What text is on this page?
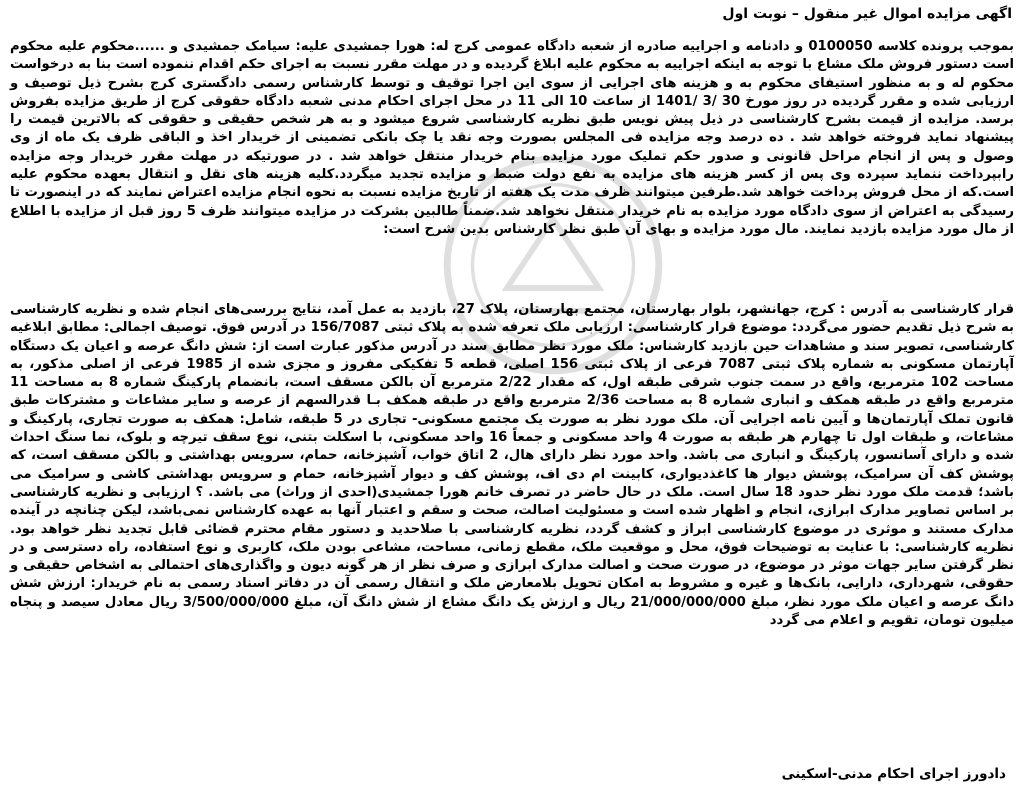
اگهی مزایده اموال غیر منقول – نوبت اول

بموجب پرونده کلاسه 0100050 و دادنامه و اجراییه صادره از شعبه دادگاه عمومی کرج له: هورا جمشیدی علیه: سیامک جمشیدی و ......محکوم علیه محکوم است دستور فروش ملک مشاع با توجه به اینکه اجراییه به محکوم علیه ابلاغ گردیده و در مهلت مقرر نسبت به اجرای حکم اقدام ننموده است بنا به درخواست محکوم له و به منظور استیفای محکوم به و هزینه های اجرایی از سوی این اجرا توقیف و توسط کارشناس رسمی دادگستری کرج بشرح ذیل توصیف و ارزیابی شده و مقرر گردیده در روز مورخ 30 /3 /1401 از ساعت 10 الی 11 در محل اجرای احکام مدنی شعبه دادگاه حقوقی کرج از طریق مزایده بفروش برسد. مزایده از قیمت بشرح کارشناسی در ذیل پیش نویس طبق نظریه کارشناسی شروع میشود و به هر شخص حقیقی و حقوقی که بالاترین قیمت را پیشنهاد نماید فروخته خواهد شد . ده درصد وجه مزایده فی المجلس بصورت وجه نقد یا چک بانکی تضمینی از خریدار اخذ و الباقی ظرف یک ماه از وی وصول و پس از انجام مراحل قانونی و صدور حکم تملیک مورد مزایده بنام خریدار منتقل خواهد شد . در صورتیکه در مهلت مقرر خریدار وجه مزایده رابپرداخت ننماید سپرده وی پس از کسر هزینه های مزایده به نفع دولت ضبط و مزایده تجدید میگردد.کلیه هزینه های نقل و انتقال بعهده محکوم علیه است.که از محل فروش پرداخت خواهد شد.طرفین میتوانند ظرف مدت یک هفته از تاریخ مزایده نسبت به نحوه انجام مزایده اعتراض نمایند که در اینصورت تا رسیدگی به اعتراض از سوی دادگاه مورد مزایده به نام خریدار منتقل نخواهد شد.ضمناً طالبین بشرکت در مزایده میتوانند ظرف 5 روز قبل از مزایده با اطلاع از مال مورد مزایده بازدید نمایند. مال مورد مزایده و بهای آن طبق نظر کارشناس بدین شرح است:

قرار کارشناسی به آدرس : کرج، جهانشهر، بلوار بهارستان، مجتمع بهارستان، پلاک 27، بازدید به عمل آمد، نتایج بررسی‌های انجام شده و نظریه کارشناسی به شرح ذیل تقدیم حضور می‌گردد: موضوع قرار کارشناسی: ارزیابی ملک تعرفه شده به پلاک ثبتی 156/7087 در آدرس فوق. توصیف اجمالی: مطابق ابلاغیه کارشناسی، تصویر سند و مشاهدات حین بازدید کارشناس: ملک مورد نظر مطابق سند در آدرس مذکور عبارت است از: شش دانگ عرصه و اعیان یک دستگاه آپارتمان مسکونی به شماره پلاک ثبتی 7087 فرعی از پلاک ثبتی 156 اصلی، قطعه 5 تفکیکی مفروز و مجزی شده از 1985 فرعی از اصلی مذکور، به مساحت 102 مترمربع، واقع در سمت جنوب شرقی طبقه اول، که مقدار 2/22 مترمربع آن بالکن مسقف است، بانضمام پارکینگ شماره 8 به مساحت 11 مترمربع واقع در طبقه همکف و انباری شماره 8 به مساحت 2/36 مترمربع واقع در طبقه همکف بـا قدرالسهم از عرصه و سایر مشاعات و مشترکات طبق قانون تملک آپارتمان‌ها و آیین نامه اجرایی آن. ملک مورد نظر به صورت یک مجتمع مسکونی- تجاری در 5 طبقه، شامل: همکف به صورت تجاری، پارکینگ و مشاعات، و طبقات اول تا چهارم هر طبقه به صورت 4 واحد مسکونی و جمعاً 16 واحد مسکونی، با اسکلت بتنی، نوع سقف تیرچه و بلوک، نما سنگ احداث شده و دارای آسانسور، پارکینگ و انباری می باشد. واحد مورد نظر دارای هال، 2 اتاق خواب، آشپزخانه، حمام، سرویس بهداشتی و بالکن مسقف است، که پوشش کف آن سرامیک، پوشش دیوار ها کاغذدیواری، کابینت ام دی اف، پوشش کف و دیوار آشپزخانه، حمام و سرویس بهداشتی کاشی و سرامیک می باشد؛ قدمت ملک مورد نظر حدود 18 سال است. ملک در حال حاضر در تصرف خانم هورا جمشیدی(احدی از وراث) می باشد. ؟ ارزیابی و نظریه کارشناسی بر اساس تصاویر مدارک ابرازی، انجام و اظهار شده است و مسئولیت اصالت، صحت و سقم و اعتبار آنها به عهده کارشناس نمی‌باشد، لیکن چنانچه در آینده مدارک مستند و موثری در موضوع کارشناسی ابراز و کشف گردد، نظریه کارشناسی با صلاحدید و دستور مقام محترم قضائی قابل تجدید نظر خواهد بود. نظریه کارشناسی: با عنایت به توضیحات فوق، محل و موقعیت ملک، مقطع زمانی، مساحت، مشاعی بودن ملک، کاربری و نوع استفاده، راه دسترسی و در نظر گرفتن سایر جهات موثر در موضوع، در صورت صحت و اصالت مدارک ابرازی و صرف نظر از هر گونه دیون و واگذاری‌های احتمالی به اشخاص حقیقی و حقوقی، شهرداری، دارایی، بانک‌ها و غیره و مشروط به امکان تحویل بلامعارض ملک و انتقال رسمی آن در دفاتر اسناد رسمی به نام خریدار: ارزش شش دانگ عرصه و اعیان ملک مورد نظر، مبلغ 21/000/000/000 ریال و ارزش یک دانگ مشاع از شش دانگ آن، مبلغ 3/500/000/000 ریال معادل سیصد و پنجاه میلیون تومان، تقویم و اعلام می گردد

دادورز اجرای احکام مدنی-اسکینی
